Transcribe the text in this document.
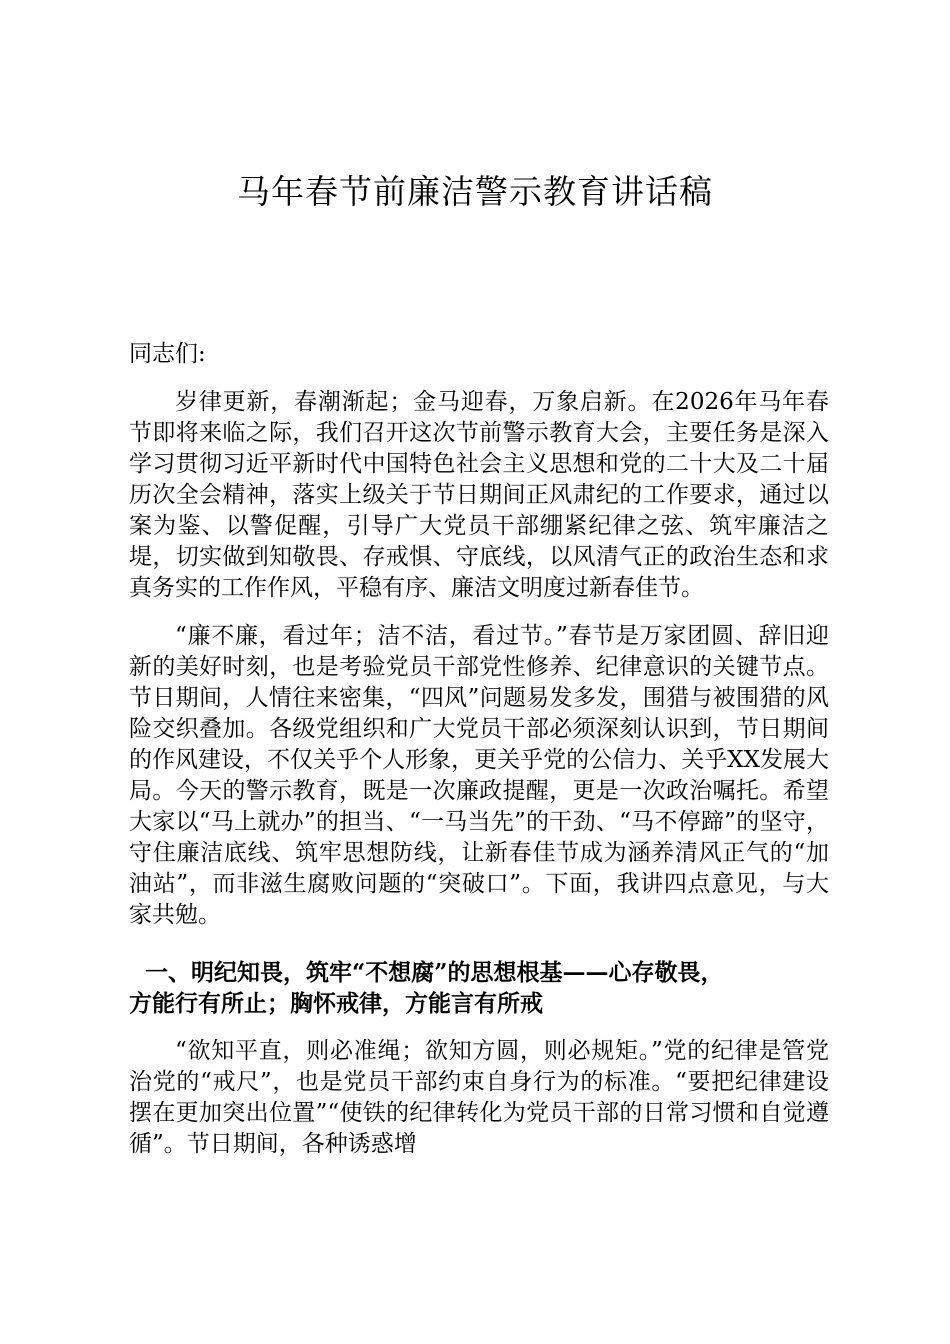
马年春节前廉洁警示教育讲话稿

同志们:

岁律更新，春潮渐起；金马迎春，万象启新。在2026年马年春节即将来临之际，我们召开这次节前警示教育大会，主要任务是深入学习贯彻习近平新时代中国特色社会主义思想和党的二十大及二十届历次全会精神，落实上级关于节日期间正风肃纪的工作要求，通过以案为鉴、以警促醒，引导广大党员干部绷紧纪律之弦、筑牢廉洁之堤，切实做到知敬畏、存戒惧、守底线，以风清气正的政治生态和求真务实的工作作风，平稳有序、廉洁文明度过新春佳节。

“廉不廉，看过年；洁不洁，看过节。”春节是万家团圆、辞旧迎新的美好时刻，也是考验党员干部党性修养、纪律意识的关键节点。节日期间，人情往来密集，“四风”问题易发多发，围猎与被围猎的风险交织叠加。各级党组织和广大党员干部必须深刻认识到，节日期间的作风建设，不仅关乎个人形象，更关乎党的公信力、关乎XX发展大局。今天的警示教育，既是一次廉政提醒，更是一次政治嘱托。希望大家以“马上就办”的担当、“一马当先”的干劲、“马不停蹄”的坚守，守住廉洁底线、筑牢思想防线，让新春佳节成为涵养清风正气的“加油站”，而非滋生腐败问题的“突破口”。下面，我讲四点意见，与大家共勉。

一、明纪知畏，筑牢“不想腐”的思想根基——心存敬畏，
方能行有所止；胸怀戒律，方能言有所戒

“欲知平直，则必准绳；欲知方圆，则必规矩。”党的纪律是管党治党的“戒尺”，也是党员干部约束自身行为的标准。“要把纪律建设摆在更加突出位置”“使铁的纪律转化为党员干部的日常习惯和自觉遵循”。节日期间，各种诱惑增
